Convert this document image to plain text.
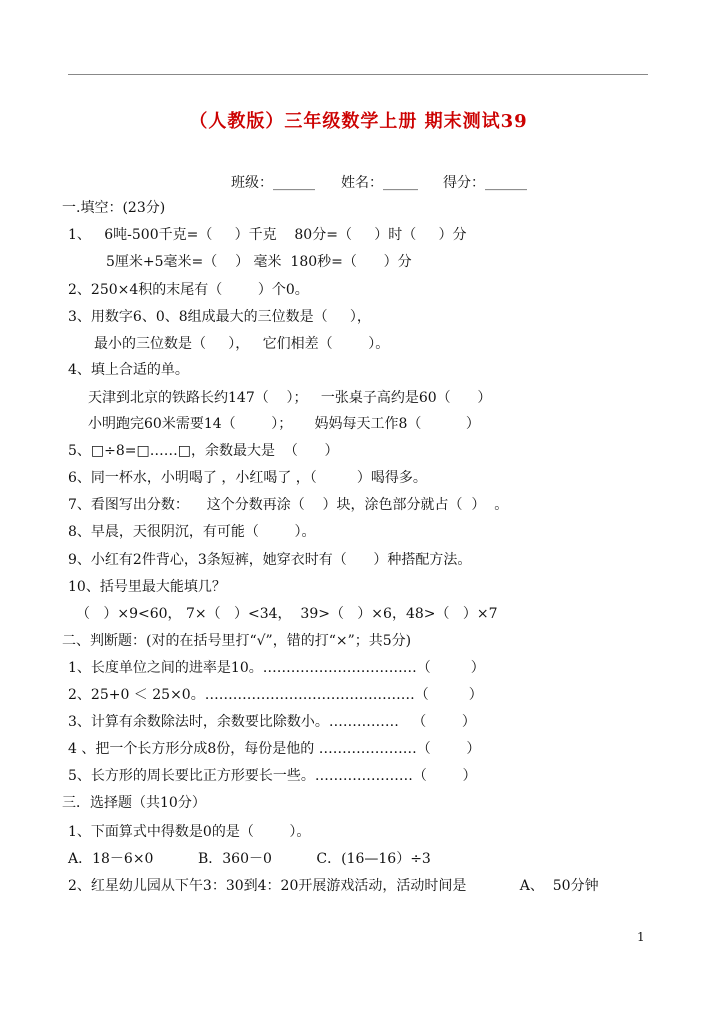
（人教版）三年级数学上册 期末测试39
班级：______ 姓名：_____ 得分：______
一.填空：(23分)
1、   6吨-500千克=（     ）千克    80分=（     ）时（     ）分
5厘米+5毫米=（    ） 毫米  180秒=（      ）分
2、250×4积的末尾有（        ）个0。
3、用数字6、0、8组成最大的三位数是（     ），
最小的三位数是（     ），   它们相差（        ）。
4、填上合适的单。
天津到北京的铁路长约147（    ）；   一张桌子高约是60（      ）
小明跑完60米需要14（        ）；     妈妈每天工作8（          ）
5、□÷8=□……□，余数最大是  （      ）
6、同一杯水，小明喝了 ，小红喝了 ，（         ）喝得多。
7、看图写出分数：    这个分数再涂（    ）块，涂色部分就占（  ）  。
8、早晨，天很阴沉，有可能（        ）。
9、小红有2件背心，3条短裤，她穿衣时有（      ）种搭配方法。
10、括号里最大能填几？
（   ）×9<60， 7×（   ）<34，  39>（   ）×6，48>（   ）×7
二、判断题：(对的在括号里打“√”，错的打“×”；共5分)
1、长度单位之间的进率是10。……………………………（         ）
2、25+0 ＜ 25×0。………………………………………（         ）
3、计算有余数除法时，余数要比除数小。……………   （        ）
4 、把一个长方形分成8份，每份是他的 …………………（        ）
5、长方形的周长要比正方形要长一些。…………………（        ）
三．选择题（共10分）
1、下面算式中得数是0的是（        ）。
A．18－6×0          B．360－0          C．(16—16）÷3
2、红星幼儿园从下午3：30到4：20开展游戏活动，活动时间是            A、  50分钟
1
